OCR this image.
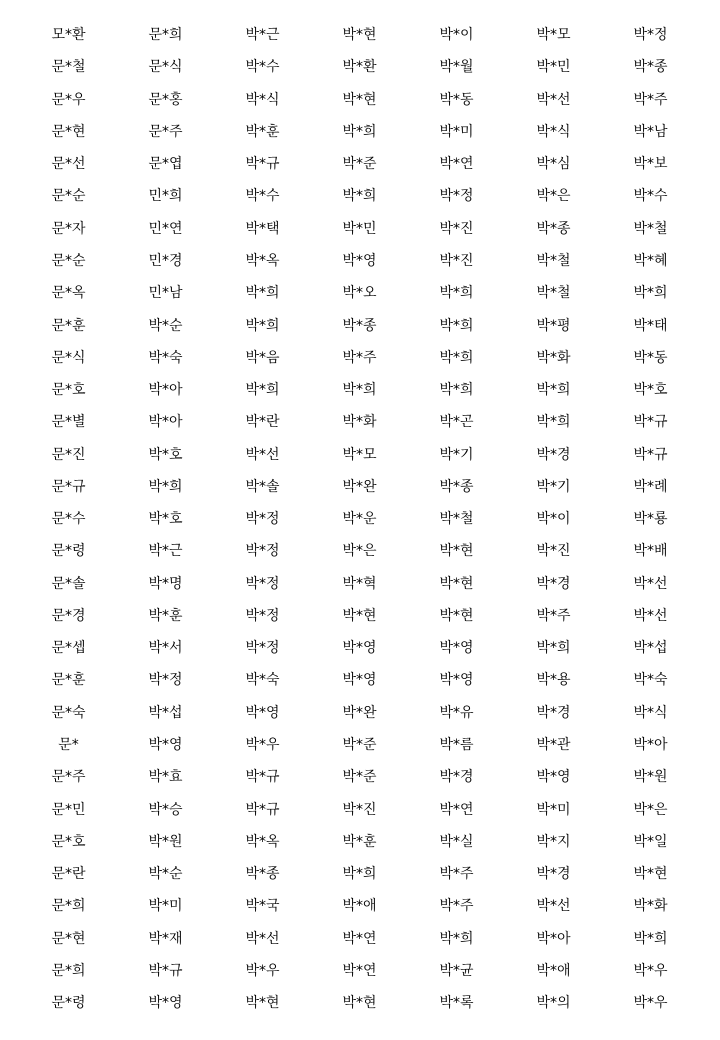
모*환	문*희	박*근	박*현	박*이	박*모	박*정
문*철	문*식	박*수	박*환	박*월	박*민	박*종
문*우	문*홍	박*식	박*현	박*동	박*선	박*주
문*현	문*주	박*훈	박*희	박*미	박*식	박*남
문*선	문*엽	박*규	박*준	박*연	박*심	박*보
문*순	민*희	박*수	박*희	박*정	박*은	박*수
문*자	민*연	박*택	박*민	박*진	박*종	박*철
문*순	민*경	박*옥	박*영	박*진	박*철	박*혜
문*옥	민*남	박*희	박*오	박*희	박*철	박*희
문*훈	박*순	박*희	박*종	박*희	박*평	박*태
문*식	박*숙	박*음	박*주	박*희	박*화	박*동
문*호	박*아	박*희	박*희	박*희	박*희	박*호
문*별	박*아	박*란	박*화	박*곤	박*희	박*규
문*진	박*호	박*선	박*모	박*기	박*경	박*규
문*규	박*희	박*솔	박*완	박*종	박*기	박*례
문*수	박*호	박*정	박*운	박*철	박*이	박*룡
문*령	박*근	박*정	박*은	박*현	박*진	박*배
문*솔	박*명	박*정	박*혁	박*현	박*경	박*선
문*경	박*훈	박*정	박*현	박*현	박*주	박*선
문*셉	박*서	박*정	박*영	박*영	박*희	박*섭
문*훈	박*정	박*숙	박*영	박*영	박*용	박*숙
문*숙	박*섭	박*영	박*완	박*유	박*경	박*식
문*	박*영	박*우	박*준	박*름	박*관	박*아
문*주	박*효	박*규	박*준	박*경	박*영	박*원
문*민	박*승	박*규	박*진	박*연	박*미	박*은
문*호	박*원	박*옥	박*훈	박*실	박*지	박*일
문*란	박*순	박*종	박*희	박*주	박*경	박*현
문*희	박*미	박*국	박*애	박*주	박*선	박*화
문*현	박*재	박*선	박*연	박*희	박*아	박*희
문*희	박*규	박*우	박*연	박*균	박*애	박*우
문*령	박*영	박*현	박*현	박*록	박*의	박*우
